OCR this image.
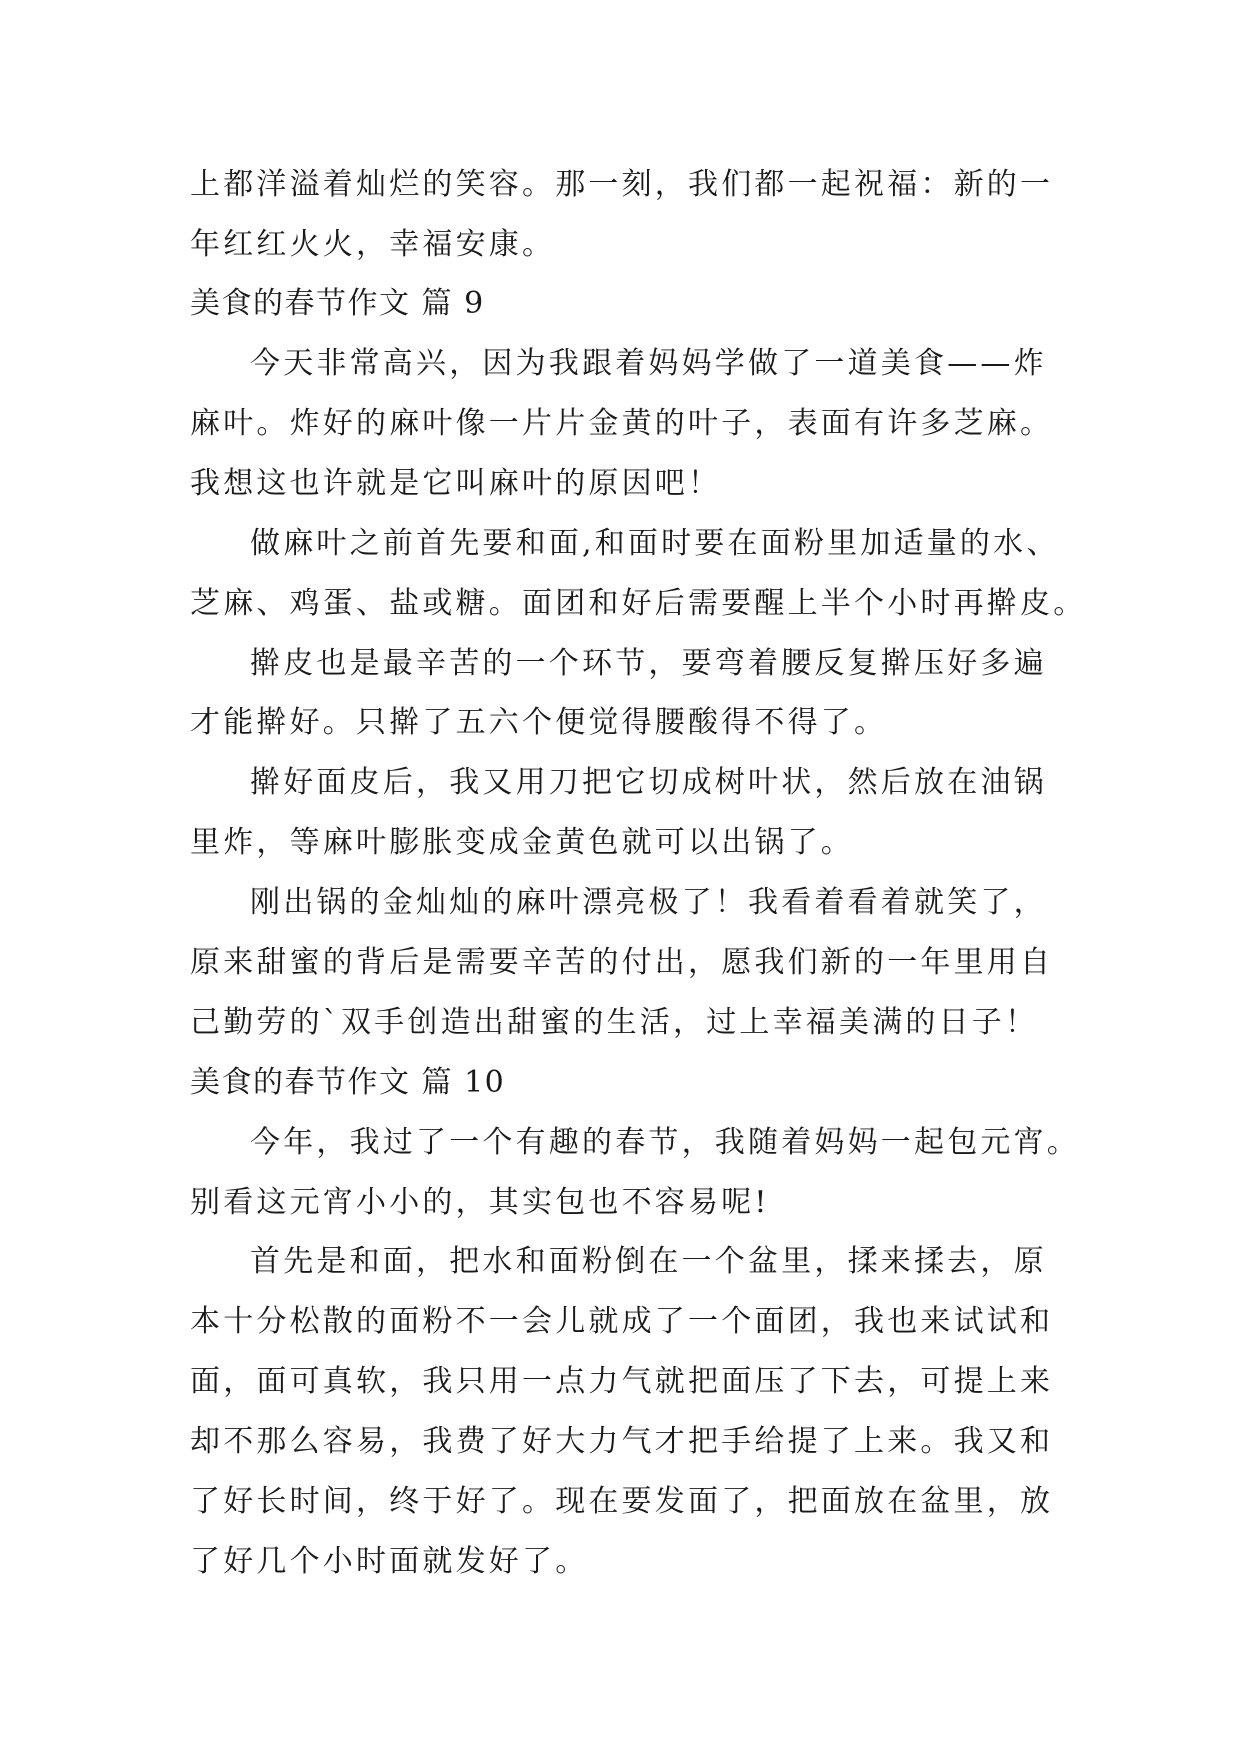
上都洋溢着灿烂的笑容。那一刻，我们都一起祝福：新的一
年红红火火，幸福安康。
美食的春节作文 篇 9
今天非常高兴，因为我跟着妈妈学做了一道美食——炸
麻叶。炸好的麻叶像一片片金黄的叶子，表面有许多芝麻。
我想这也许就是它叫麻叶的原因吧！
做麻叶之前首先要和面,和面时要在面粉里加适量的水、
芝麻、鸡蛋、盐或糖。面团和好后需要醒上半个小时再擀皮。
擀皮也是最辛苦的一个环节，要弯着腰反复擀压好多遍
才能擀好。只擀了五六个便觉得腰酸得不得了。
擀好面皮后，我又用刀把它切成树叶状，然后放在油锅
里炸，等麻叶膨胀变成金黄色就可以出锅了。
刚出锅的金灿灿的麻叶漂亮极了！我看着看着就笑了，
原来甜蜜的背后是需要辛苦的付出，愿我们新的一年里用自
己勤劳的`双手创造出甜蜜的生活，过上幸福美满的日子！
美食的春节作文 篇 10
今年，我过了一个有趣的春节，我随着妈妈一起包元宵。
别看这元宵小小的，其实包也不容易呢!
首先是和面，把水和面粉倒在一个盆里，揉来揉去，原
本十分松散的面粉不一会儿就成了一个面团，我也来试试和
面，面可真软，我只用一点力气就把面压了下去，可提上来
却不那么容易，我费了好大力气才把手给提了上来。我又和
了好长时间，终于好了。现在要发面了，把面放在盆里，放
了好几个小时面就发好了。
